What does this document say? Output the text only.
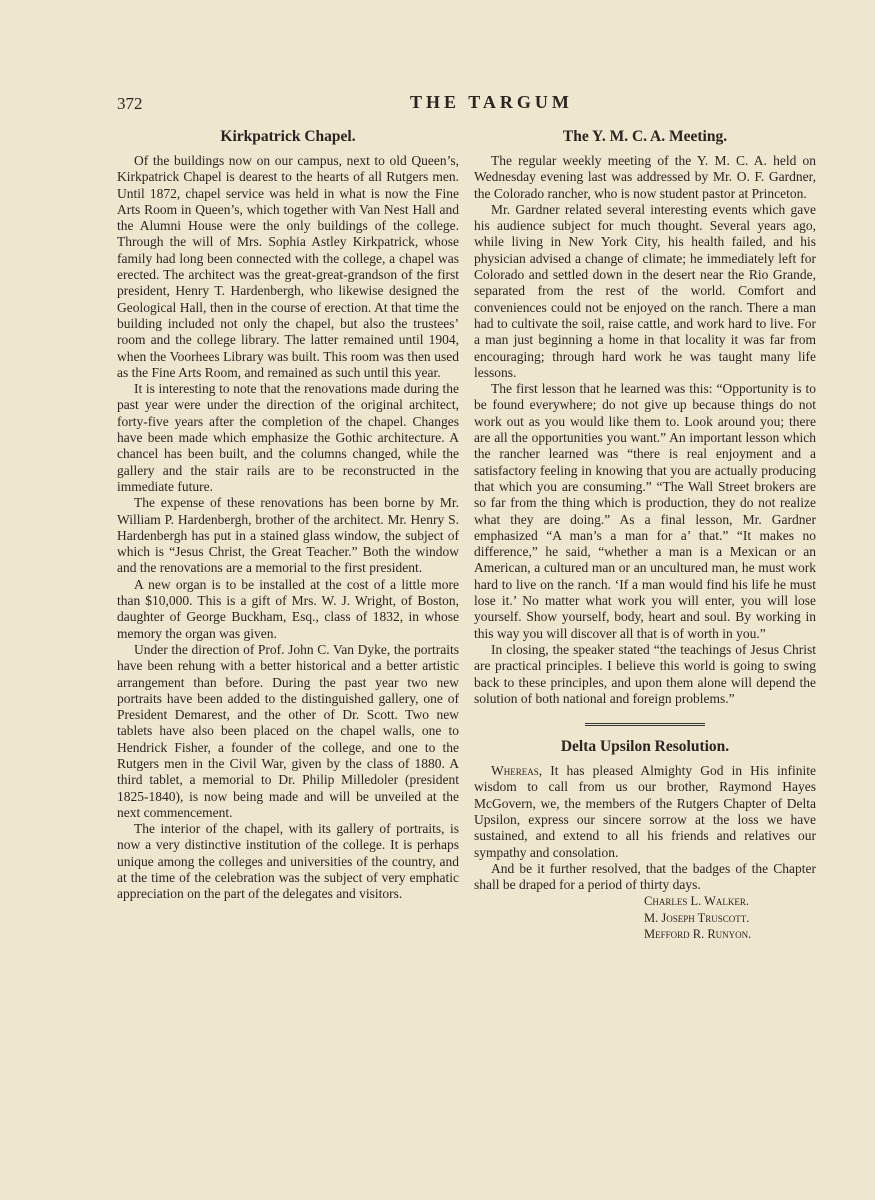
372	THE TARGUM
Kirkpatrick Chapel.

Of the buildings now on our campus, next to old Queen’s, Kirkpatrick Chapel is dearest to the hearts of all Rutgers men. Until 1872, chapel service was held in what is now the Fine Arts Room in Queen’s, which together with Van Nest Hall and the Alumni House were the only buildings of the college. Through the will of Mrs. Sophia Astley Kirkpatrick, whose family had long been connected with the college, a chapel was erected. The architect was the great-great-grandson of the first president, Henry T. Hardenbergh, who likewise designed the Geological Hall, then in the course of erection. At that time the building included not only the chapel, but also the trustees’ room and the college library. The latter remained until 1904, when the Voorhees Library was built. This room was then used as the Fine Arts Room, and remained as such until this year.

It is interesting to note that the renovations made during the past year were under the direction of the original architect, forty-five years after the completion of the chapel. Changes have been made which emphasize the Gothic architecture. A chancel has been built, and the columns changed, while the gallery and the stair rails are to be reconstructed in the immediate future.

The expense of these renovations has been borne by Mr. William P. Hardenbergh, brother of the architect. Mr. Henry S. Hardenbergh has put in a stained glass window, the subject of which is “Jesus Christ, the Great Teacher.” Both the window and the renovations are a memorial to the first president.

A new organ is to be installed at the cost of a little more than $10,000. This is a gift of Mrs. W. J. Wright, of Boston, daughter of George Buckham, Esq., class of 1832, in whose memory the organ was given.

Under the direction of Prof. John C. Van Dyke, the portraits have been rehung with a better historical and a better artistic arrangement than before. During the past year two new portraits have been added to the distinguished gallery, one of President Demarest, and the other of Dr. Scott. Two new tablets have also been placed on the chapel walls, one to Hendrick Fisher, a founder of the college, and one to the Rutgers men in the Civil War, given by the class of 1880. A third tablet, a memorial to Dr. Philip Milledoler (president 1825-1840), is now being made and will be unveiled at the next commencement.

The interior of the chapel, with its gallery of portraits, is now a very distinctive institution of the college. It is perhaps unique among the colleges and universities of the country, and at the time of the celebration was the subject of very emphatic appreciation on the part of the delegates and visitors.

The Y. M. C. A. Meeting.

The regular weekly meeting of the Y. M. C. A. held on Wednesday evening last was addressed by Mr. O. F. Gardner, the Colorado rancher, who is now student pastor at Princeton.

Mr. Gardner related several interesting events which gave his audience subject for much thought. Several years ago, while living in New York City, his health failed, and his physician advised a change of climate; he immediately left for Colorado and settled down in the desert near the Rio Grande, separated from the rest of the world. Comfort and conveniences could not be enjoyed on the ranch. There a man had to cultivate the soil, raise cattle, and work hard to live. For a man just beginning a home in that locality it was far from encouraging; through hard work he was taught many life lessons.

The first lesson that he learned was this: “Opportunity is to be found everywhere; do not give up because things do not work out as you would like them to. Look around you; there are all the opportunities you want.” An important lesson which the rancher learned was “there is real enjoyment and a satisfactory feeling in knowing that you are actually producing that which you are consuming.” “The Wall Street brokers are so far from the thing which is production, they do not realize what they are doing.” As a final lesson, Mr. Gardner emphasized “A man’s a man for a’ that.” “It makes no difference,” he said, “whether a man is a Mexican or an American, a cultured man or an uncultured man, he must work hard to live on the ranch. ‘If a man would find his life he must lose it.’ No matter what work you will enter, you will lose yourself. Show yourself, body, heart and soul. By working in this way you will discover all that is of worth in you.”

In closing, the speaker stated “the teachings of Jesus Christ are practical principles. I believe this world is going to swing back to these principles, and upon them alone will depend the solution of both national and foreign problems.”

Delta Upsilon Resolution.

Whereas, It has pleased Almighty God in His infinite wisdom to call from us our brother, Raymond Hayes McGovern, we, the members of the Rutgers Chapter of Delta Upsilon, express our sincere sorrow at the loss we have sustained, and extend to all his friends and relatives our sympathy and consolation.

And be it further resolved, that the badges of the Chapter shall be draped for a period of thirty days.

Charles L. Walker.
M. Joseph Truscott.
Mefford R. Runyon.
